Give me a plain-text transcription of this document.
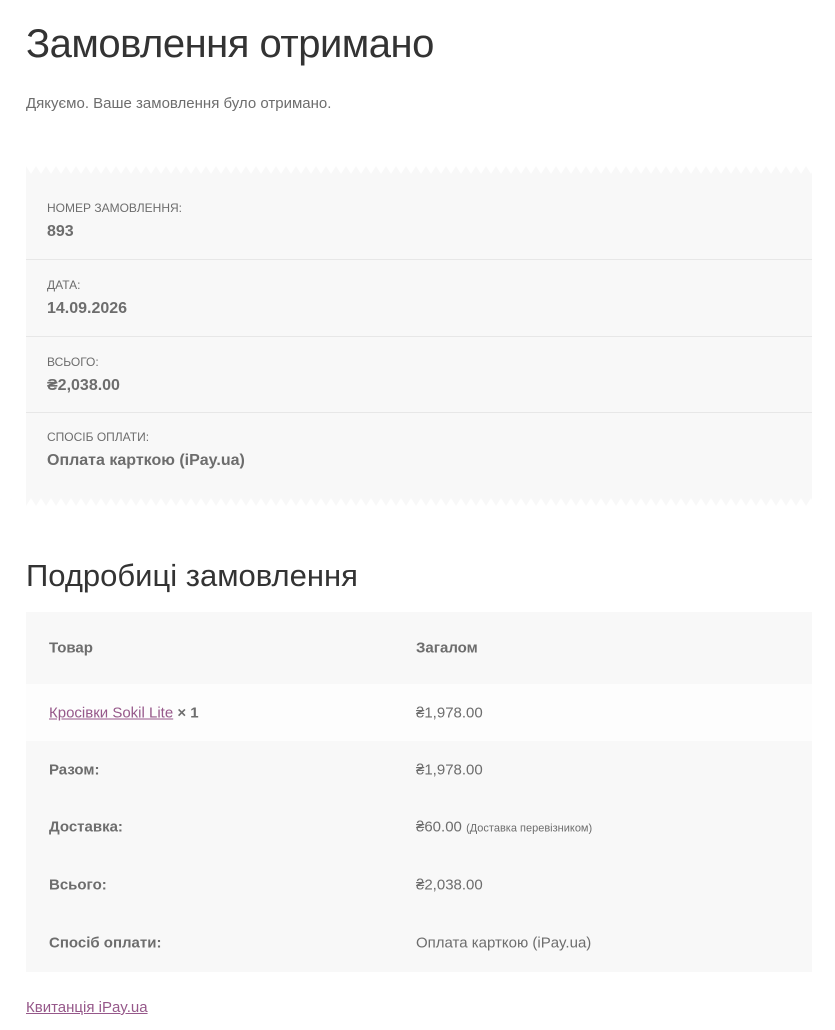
Замовлення отримано

Дякуємо. Ваше замовлення було отримано.

НОМЕР ЗАМОВЛЕННЯ:
893
ДАТА:
14.09.2026
ВСЬОГО:
₴2,038.00
СПОСІБ ОПЛАТИ:
Оплата карткою (iPay.ua)
Подробиці замовлення
Товар	Загалом
Кросівки Sokil Lite × 1	₴1,978.00
Разом:	₴1,978.00
Доставка:	₴60.00 (Доставка перевізником)
Всього:	₴2,038.00
Спосіб оплати:	Оплата карткою (iPay.ua)
Квитанція iPay.ua
